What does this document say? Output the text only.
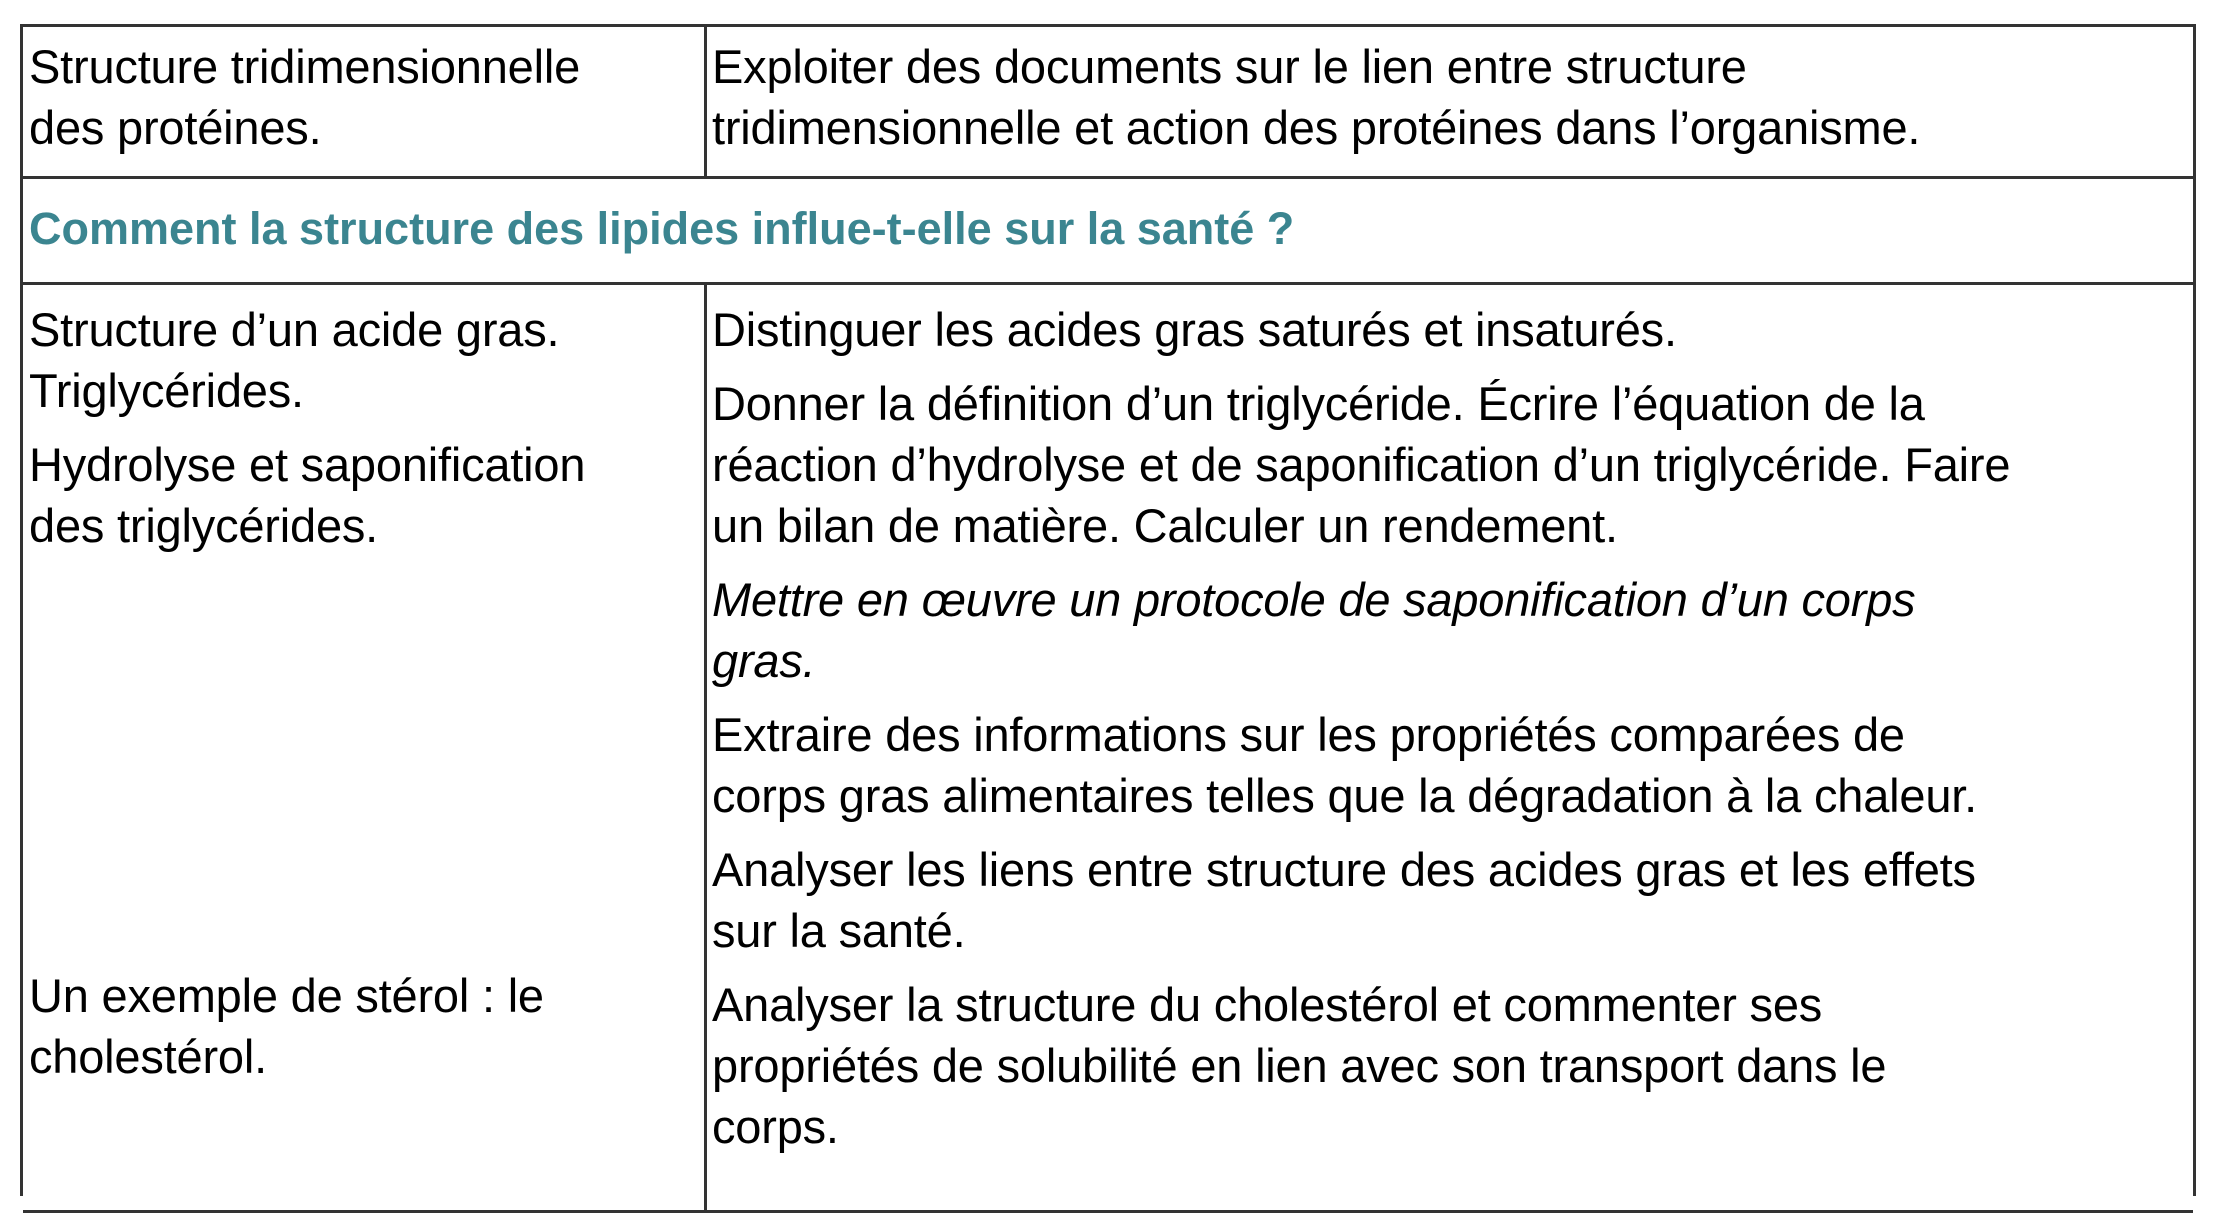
Structure tridimensionnelle
des protéines.
Exploiter des documents sur le lien entre structure
tridimensionnelle et action des protéines dans l’organisme.
Comment la structure des lipides influe-t-elle sur la santé ?
Structure d’un acide gras.
Triglycérides.
Hydrolyse et saponification
des triglycérides.
Un exemple de stérol : le
cholestérol.
Distinguer les acides gras saturés et insaturés.
Donner la définition d’un triglycéride. Écrire l’équation de la
réaction d’hydrolyse et de saponification d’un triglycéride. Faire
un bilan de matière. Calculer un rendement.
Mettre en œuvre un protocole de saponification d’un corps
gras.
Extraire des informations sur les propriétés comparées de
corps gras alimentaires telles que la dégradation à la chaleur.
Analyser les liens entre structure des acides gras et les effets
sur la santé.
Analyser la structure du cholestérol et commenter ses
propriétés de solubilité en lien avec son transport dans le
corps.
